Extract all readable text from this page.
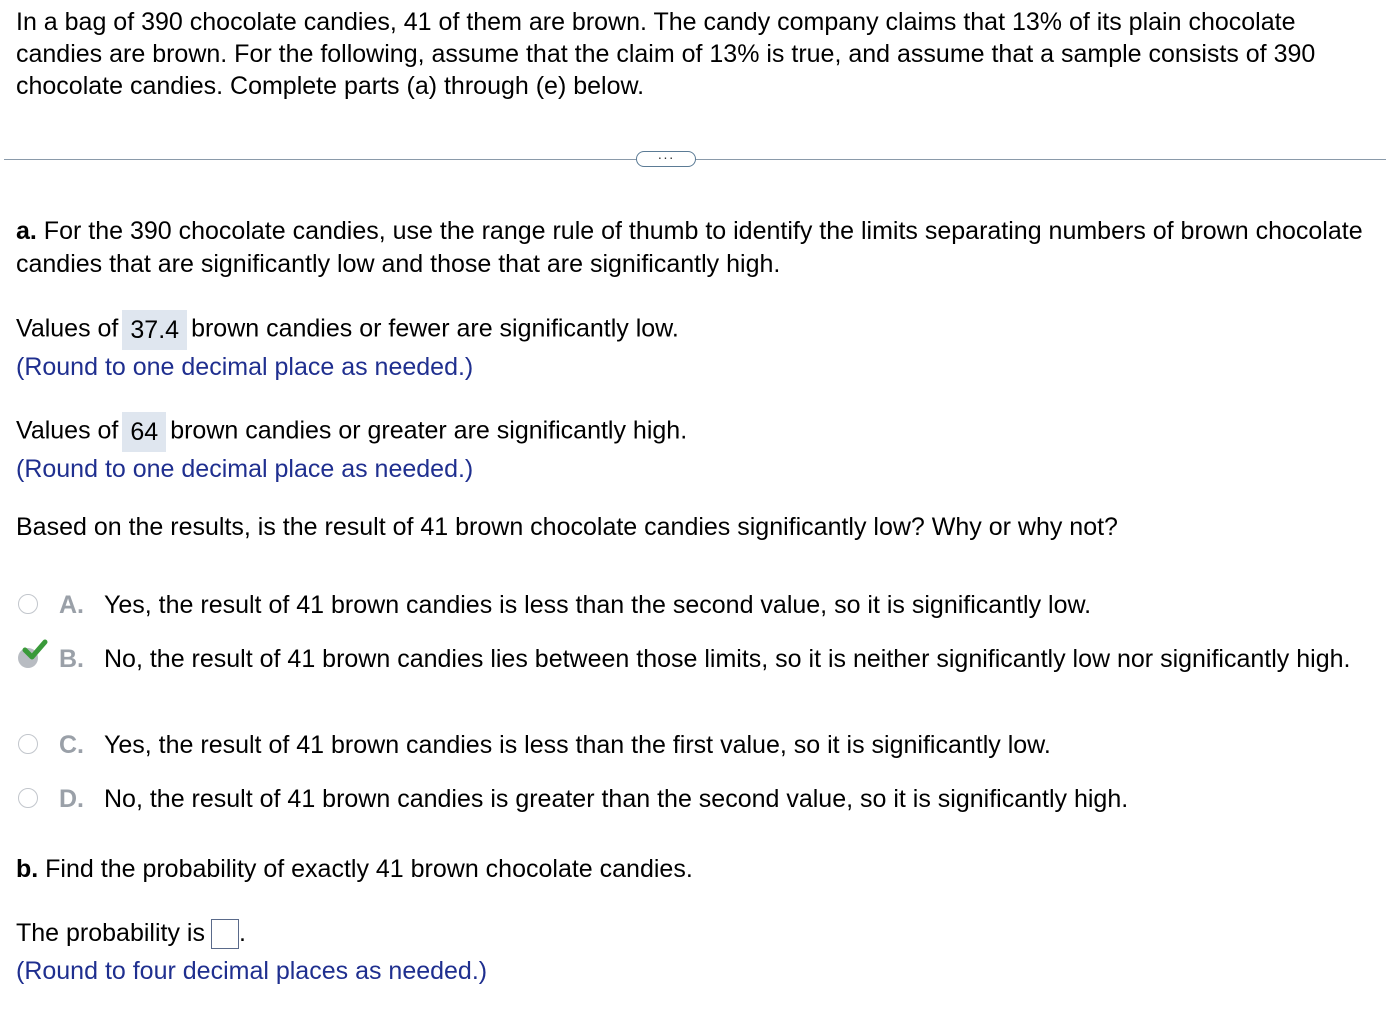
In a bag of 390 chocolate candies, 41 of them are brown. The candy company claims that 13% of its plain chocolate candies are brown. For the following, assume that the claim of 13% is true, and assume that a sample consists of 390 chocolate candies. Complete parts (a) through (e) below.

···

a. For the 390 chocolate candies, use the range rule of thumb to identify the limits separating numbers of brown chocolate candies that are significantly low and those that are significantly high.

Values of 37.4 brown candies or fewer are significantly low.
(Round to one decimal place as needed.)
Values of 64 brown candies or greater are significantly high.
(Round to one decimal place as needed.)
Based on the results, is the result of 41 brown chocolate candies significantly low? Why or why not?
A. Yes, the result of 41 brown candies is less than the second value, so it is significantly low.
B. No, the result of 41 brown candies lies between those limits, so it is neither significantly low nor significantly high.
C. Yes, the result of 41 brown candies is less than the first value, so it is significantly low.
D. No, the result of 41 brown candies is greater than the second value, so it is significantly high.
b. Find the probability of exactly 41 brown chocolate candies.
The probability is .
(Round to four decimal places as needed.)
